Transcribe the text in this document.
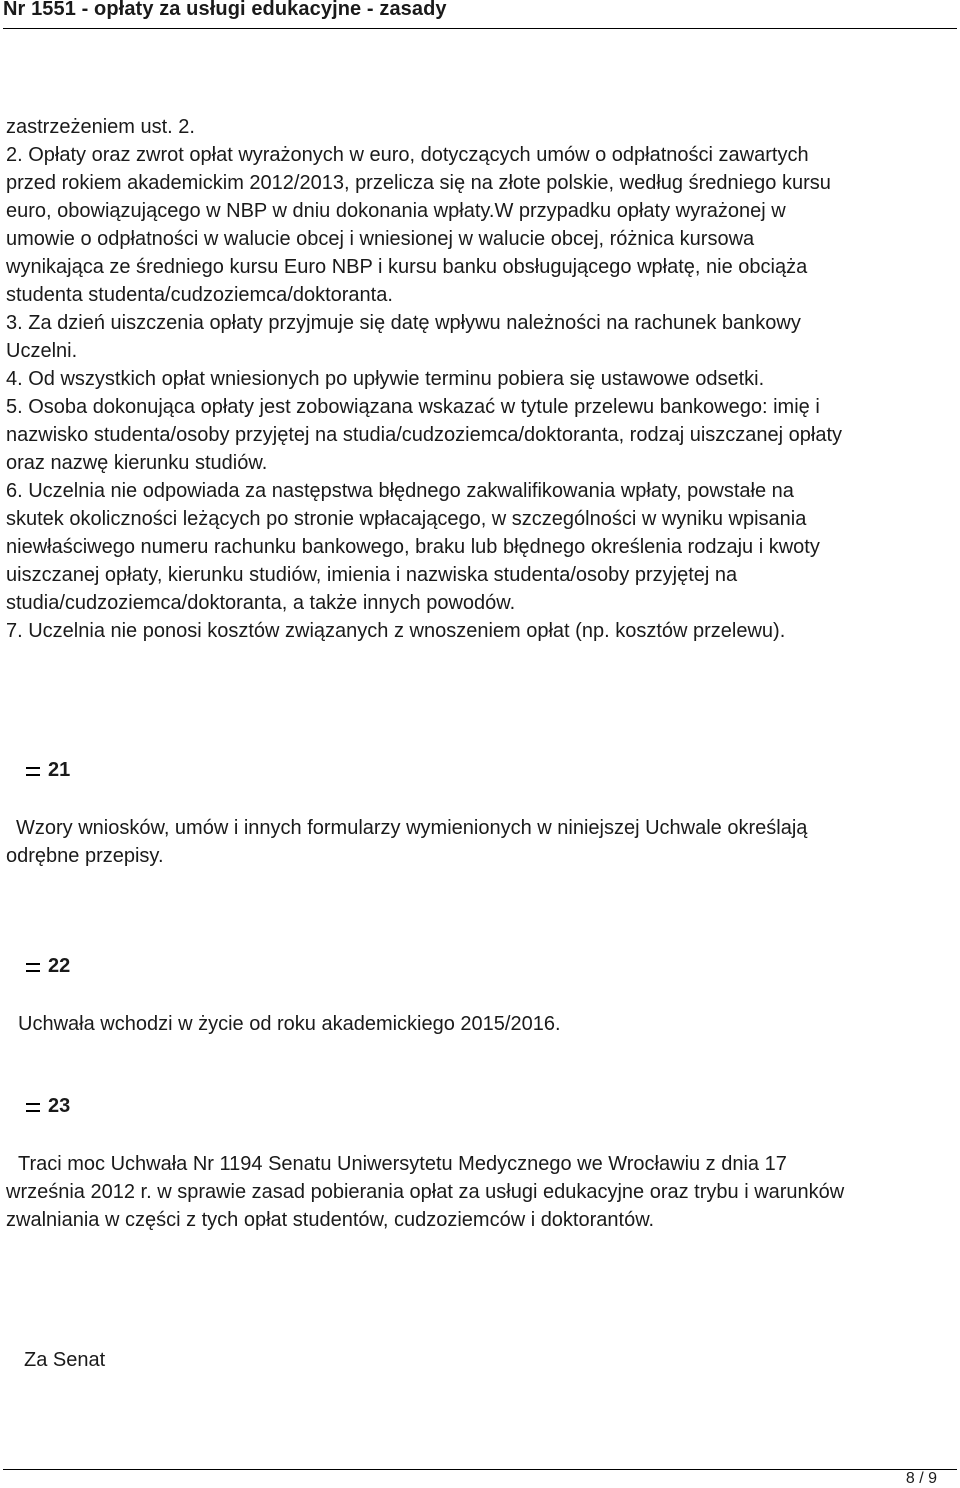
Nr 1551 - opłaty za usługi edukacyjne - zasady
zastrzeżeniem ust. 2.
2. Opłaty oraz zwrot opłat wyrażonych w euro, dotyczących umów o odpłatności zawartych
przed rokiem akademickim 2012/2013, przelicza się na złote polskie, według średniego kursu
euro, obowiązującego w NBP w dniu dokonania wpłaty.W przypadku opłaty wyrażonej w
umowie o odpłatności w walucie obcej i wniesionej w walucie obcej, różnica kursowa
wynikająca ze średniego kursu Euro NBP i kursu banku obsługującego wpłatę, nie obciąża
studenta studenta/cudzoziemca/doktoranta.
3. Za dzień uiszczenia opłaty przyjmuje się datę wpływu należności na rachunek bankowy
Uczelni.
4. Od wszystkich opłat wniesionych po upływie terminu pobiera się ustawowe odsetki.
5. Osoba dokonująca opłaty jest zobowiązana wskazać w tytule przelewu bankowego: imię i
nazwisko studenta/osoby przyjętej na studia/cudzoziemca/doktoranta, rodzaj uiszczanej opłaty
oraz nazwę kierunku studiów.
6. Uczelnia nie odpowiada za następstwa błędnego zakwalifikowania wpłaty, powstałe na
skutek okoliczności leżących po stronie wpłacającego, w szczególności w wyniku wpisania
niewłaściwego numeru rachunku bankowego, braku lub błędnego określenia rodzaju i kwoty
uiszczanej opłaty, kierunku studiów, imienia i nazwiska studenta/osoby przyjętej na
studia/cudzoziemca/doktoranta, a także innych powodów.
7. Uczelnia nie ponosi kosztów związanych z wnoszeniem opłat (np. kosztów przelewu).
21
Wzory wniosków, umów i innych formularzy wymienionych w niniejszej Uchwale określają
odrębne przepisy.
22
Uchwała wchodzi w życie od roku akademickiego 2015/2016.
23
Traci moc Uchwała Nr 1194 Senatu Uniwersytetu Medycznego we Wrocławiu z dnia 17
września 2012 r. w sprawie zasad pobierania opłat za usługi edukacyjne oraz trybu i warunków
zwalniania w części z tych opłat studentów, cudzoziemców i doktorantów.
Za Senat
8 / 9
